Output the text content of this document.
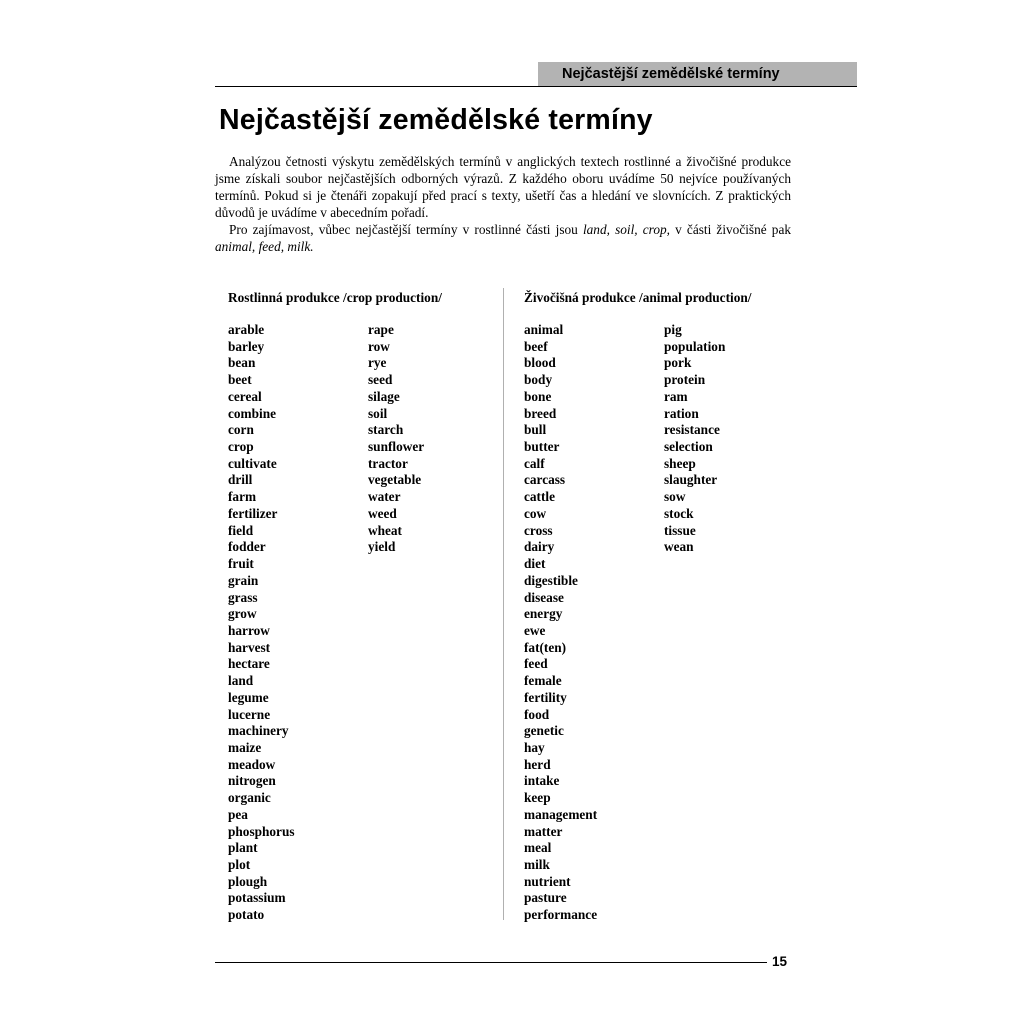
Nejčastější zemědělské termíny
Nejčastější zemědělské termíny

Analýzou četnosti výskytu zemědělských termínů v anglických textech rostlinné a živočišné produkce jsme získali soubor nejčastějších odborných výrazů. Z každého oboru uvádíme 50 nejvíce používaných termínů. Pokud si je čtenáři zopakují před prací s texty, ušetří čas a hledání ve slovnících. Z praktických důvodů je uvádíme v abecedním pořadí.

Pro zajímavost, vůbec nejčastější termíny v rostlinné části jsou land, soil, crop, v části živočišné pak animal, feed, milk.

Rostlinná produkce /crop production/
arable
barley
bean
beet
cereal
combine
corn
crop
cultivate
drill
farm
fertilizer
field
fodder
fruit
grain
grass
grow
harrow
harvest
hectare
land
legume
lucerne
machinery
maize
meadow
nitrogen
organic
pea
phosphorus
plant
plot
plough
potassium
potato
rape
row
rye
seed
silage
soil
starch
sunflower
tractor
vegetable
water
weed
wheat
yield
Živočišná produkce /animal production/
animal
beef
blood
body
bone
breed
bull
butter
calf
carcass
cattle
cow
cross
dairy
diet
digestible
disease
energy
ewe
fat(ten)
feed
female
fertility
food
genetic
hay
herd
intake
keep
management
matter
meal
milk
nutrient
pasture
performance
pig
population
pork
protein
ram
ration
resistance
selection
sheep
slaughter
sow
stock
tissue
wean
15
